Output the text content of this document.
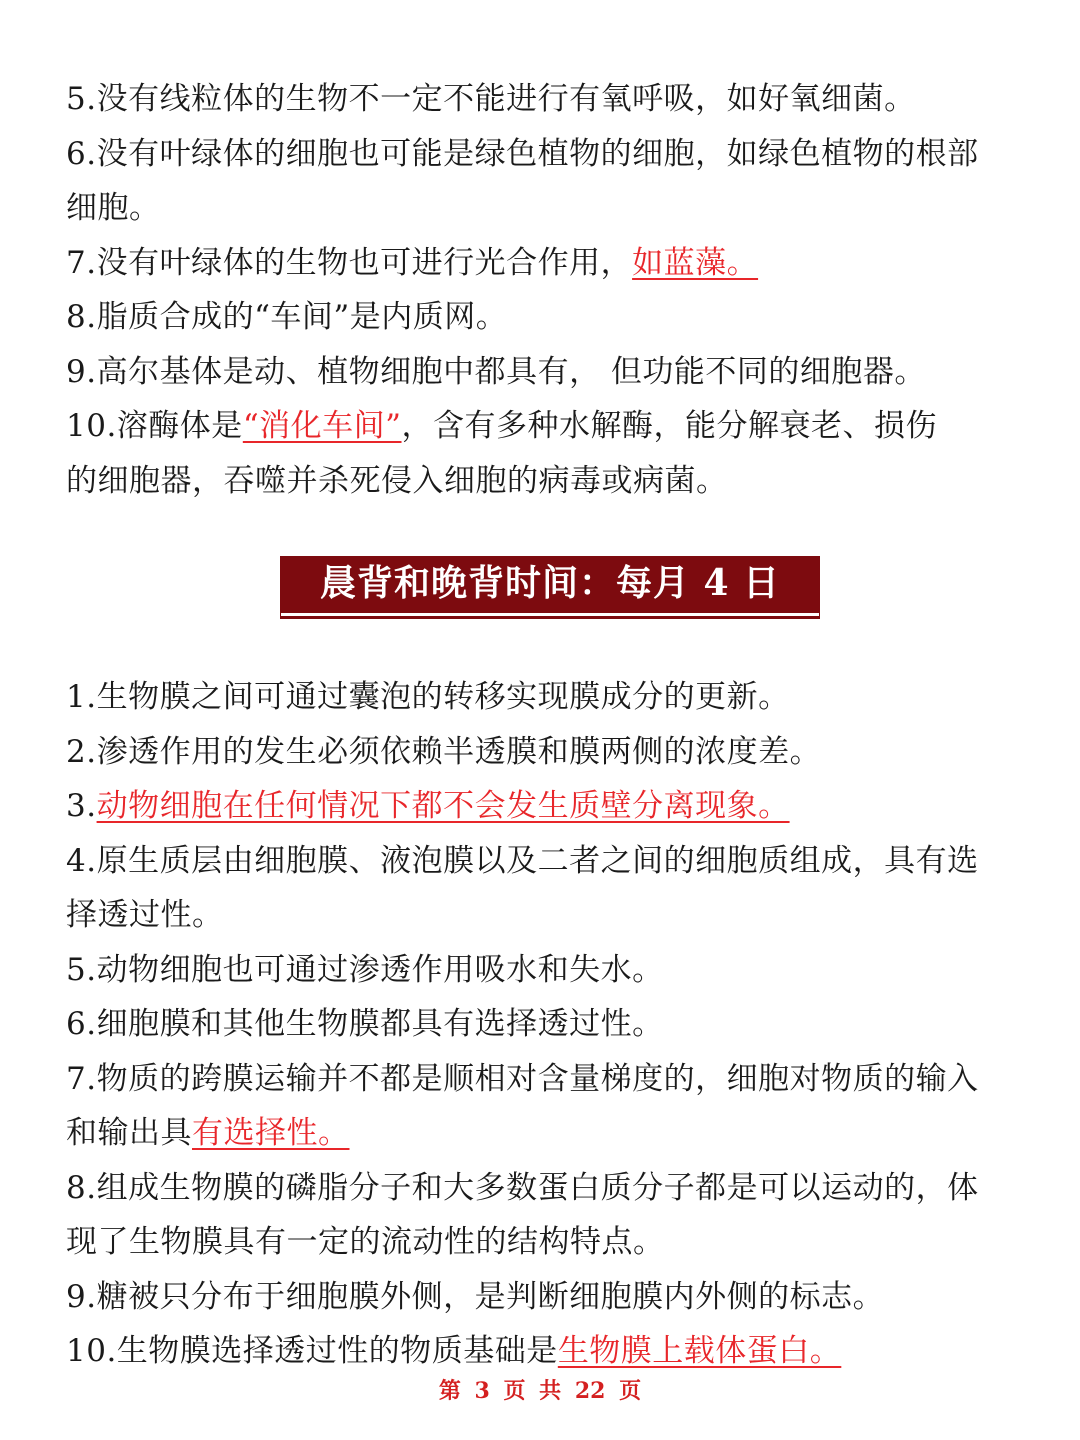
5.没有线粒体的生物不一定不能进行有氧呼吸，如好氧细菌。
6.没有叶绿体的细胞也可能是绿色植物的细胞，如绿色植物的根部
细胞。
7.没有叶绿体的生物也可进行光合作用，如蓝藻。
8.脂质合成的“车间”是内质网。
9.高尔基体是动、植物细胞中都具有， 但功能不同的细胞器。
10.溶酶体是“消化车间”，含有多种水解酶，能分解衰老、损伤
的细胞器，吞噬并杀死侵入细胞的病毒或病菌。
晨背和晚背时间：每月 4 日
1.生物膜之间可通过囊泡的转移实现膜成分的更新。
2.渗透作用的发生必须依赖半透膜和膜两侧的浓度差。
3.动物细胞在任何情况下都不会发生质壁分离现象。
4.原生质层由细胞膜、液泡膜以及二者之间的细胞质组成，具有选
择透过性。
5.动物细胞也可通过渗透作用吸水和失水。
6.细胞膜和其他生物膜都具有选择透过性。
7.物质的跨膜运输并不都是顺相对含量梯度的，细胞对物质的输入
和输出具有选择性。
8.组成生物膜的磷脂分子和大多数蛋白质分子都是可以运动的，体
现了生物膜具有一定的流动性的结构特点。
9.糖被只分布于细胞膜外侧，是判断细胞膜内外侧的标志。
10.生物膜选择透过性的物质基础是生物膜上载体蛋白。
第 3 页 共 22 页
